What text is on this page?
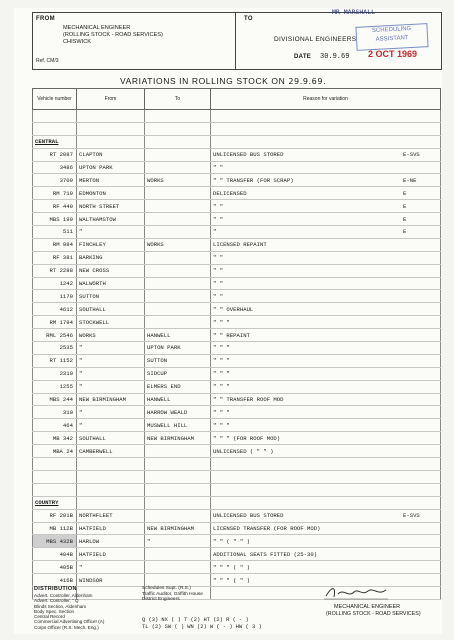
FROM
MECHANICAL ENGINEER
(ROLLING STOCK - ROAD SERVICES)
CHISWICK
Ref. CM/3
TO
MR MARSHALL
DIVISIONAL ENGINEERS
DATE 30.9.69
SCHEDULING ASSISTANT
2 OCT 1969
VARIATIONS IN ROLLING STOCK ON 29.9.69.
Vehicle number	From	To	Reason for variation

CENTRAL			
RT 2087	CLAPTON		UNLICENSED BUS STORED E-SVS

3486	UPTON PARK		" "

3709	MERTON	WORKS	" " TRANSFER (FOR SCRAP) E-NE

RM 719	EDMONTON		DELICENSED E

RF 440	NORTH STREET		" " E

MBS 199	WALTHAMSTOW		" " E

511	"		" E

RM 984	FINCHLEY	WORKS	LICENSED REPAINT

RF 381	BARKING		" "

RT 2288	NEW CROSS		" "

1242	WALWORTH		" "

1170	SUTTON		" "

4612	SOUTHALL		" " OVERHAUL

RM 1794	STOCKWELL		" " "

RML 2546	WORKS	HANWELL	" " REPAINT

2535	"	UPTON PARK	" " "

RT 1152	"	SUTTON	" " "

2310	"	SIDCUP	" " "

1255	"	ELMERS END	" " "

MBS 244	NEW BIRMINGHAM	HANWELL	" " TRANSFER ROOF MOD

310	"	HARROW WEALD	" " "

464	"	MUSWELL HILL	" " "

MB 342	SOUTHALL	NEW BIRMINGHAM	" " " (FOR ROOF MOD)

MBA 24	CAMBERWELL		UNLICENSED ( " " )

COUNTRY			
RF 201B	NORTHFLEET		UNLICENSED BUS STORED E-SVS

MB 112B	HATFIELD	NEW BIRMINGHAM	LICENSED TRANSFER (FOR ROOF MOD)

MBS 432B	HARLOW	"	" " ( " " )

404B	HATFIELD		ADDITIONAL SEATS FITTED (25-30)

405B	"		" " " ( " )

416B	WINDSOR		" " " ( " )

DISTRIBUTION
Advert. Controller, Aldenham
Advert. Controller, " Q
Blinds Section, Aldenham
Body Spec. Section
Central Record
Commercial Advertising Officer (A)
Corps Officer (R.S. Mech. Eng.)
Schedules Supt. (R.S.)
Traffic Auditor, Griffith House
District Engineers
Q (3) NX ( ) T (2) HT (2) R ( - )
TL (2) SW ( ) WN (2) W ( - ) HW ( 3 )
MECHANICAL ENGINEER
(ROLLING STOCK - ROAD SERVICES)
